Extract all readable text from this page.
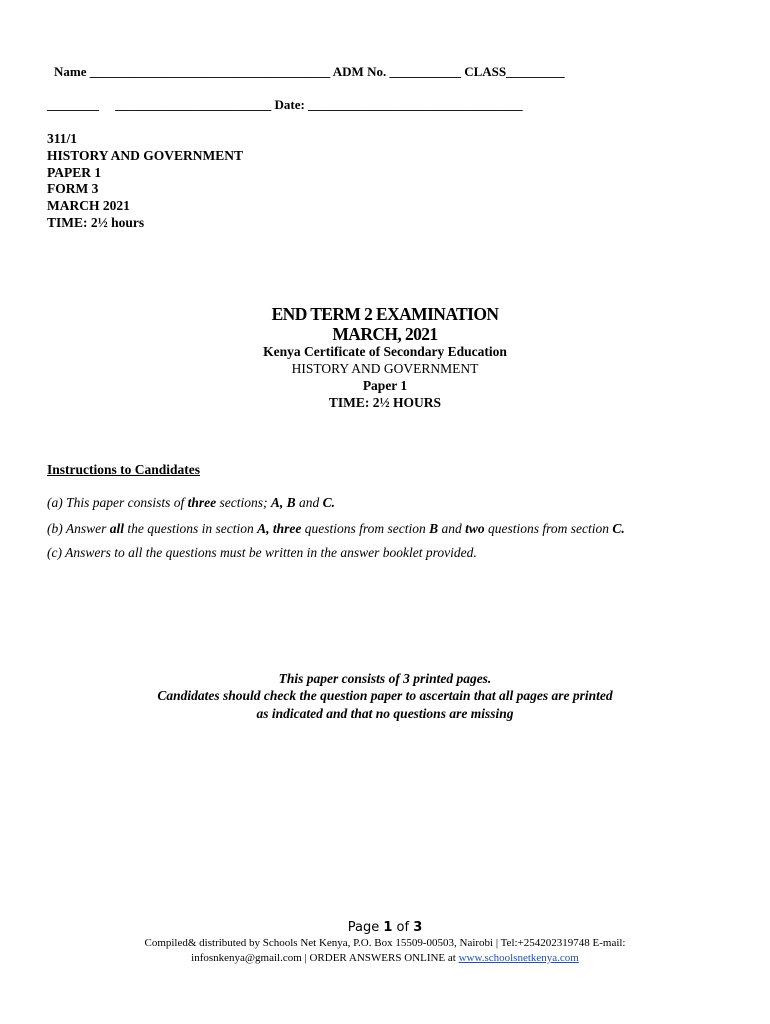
Name _____________________________________ ADM No. ___________ CLASS_________
________     ________________________ Date: _________________________________
311/1
HISTORY AND GOVERNMENT
PAPER 1
FORM 3
MARCH 2021
TIME: 2½ hours
END TERM 2 EXAMINATION
MARCH, 2021
Kenya Certificate of Secondary Education
HISTORY AND GOVERNMENT
Paper 1
TIME: 2½ HOURS
Instructions to Candidates
(a) This paper consists of three sections; A, B and C.
(b) Answer all the questions in section A, three questions from section B and two questions from section C.
(c) Answers to all the questions must be written in the answer booklet provided.
This paper consists of 3 printed pages.
Candidates should check the question paper to ascertain that all pages are printed
as indicated and that no questions are missing
Page 1 of 3
Compiled& distributed by Schools Net Kenya, P.O. Box 15509-00503, Nairobi | Tel:+254202319748 E-mail:
infosnkenya@gmail.com | ORDER ANSWERS ONLINE at www.schoolsnetkenya.com
